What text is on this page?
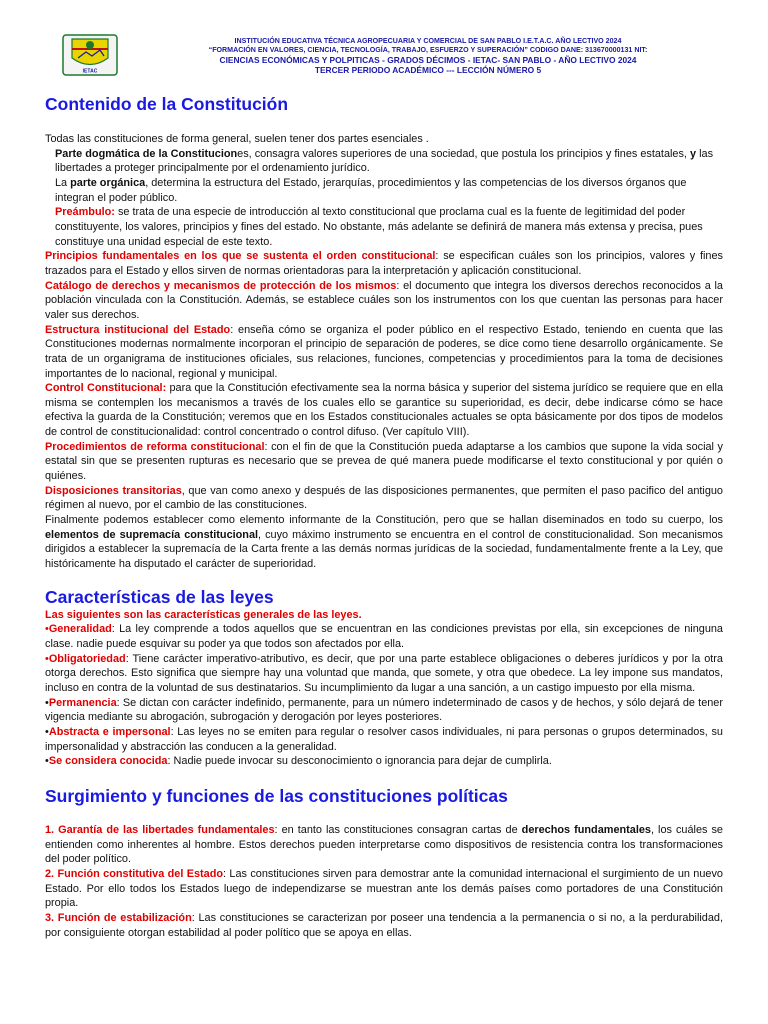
IETAC
INSTITUCIÓN EDUCATIVA TÉCNICA AGROPECUARIA Y COMERCIAL DE SAN PABLO I.E.T.A.C. AÑO LECTIVO 2024
“FORMACIÓN EN VALORES, CIENCIA, TECNOLOGÍA, TRABAJO, ESFUERZO Y SUPERACIÓN” CODIGO DANE: 313670000131 NIT:
CIENCIAS ECONÓMICAS Y POLPITICAS - GRADOS DÉCIMOS - IETAC- SAN PABLO - AÑO LECTIVO 2024
TERCER PERIODO ACADÉMICO --- LECCIÓN NÚMERO 5
Contenido de la Constitución

Todas las constituciones de forma general, suelen tener dos partes esenciales .

Parte dogmática de la Constituciones, consagra valores superiores de una sociedad, que postula los principios y fines estatales, y las libertades a proteger principalmente por el ordenamiento jurídico.

La parte orgánica, determina la estructura del Estado, jerarquías, procedimientos y las competencias de los diversos órganos que integran el poder público.

Preámbulo: se trata de una especie de introducción al texto constitucional que proclama cual es la fuente de legitimidad del poder constituyente, los valores, principios y fines del estado. No obstante, más adelante se definirá de manera más extensa y precisa, pues constituye una unidad especial de este texto.

Principios fundamentales en los que se sustenta el orden constitucional: se especifican cuáles son los principios, valores y fines trazados para el Estado y ellos sirven de normas orientadoras para la interpretación y aplicación constitucional.

Catálogo de derechos y mecanismos de protección de los mismos: el documento que integra los diversos derechos reconocidos a la población vinculada con la Constitución. Además, se establece cuáles son los instrumentos con los que cuentan las personas para hacer valer sus derechos.

Estructura institucional del Estado: enseña cómo se organiza el poder público en el respectivo Estado, teniendo en cuenta que las Constituciones modernas normalmente incorporan el principio de separación de poderes, se dice como tiene desarrollo orgánicamente. Se trata de un organigrama de instituciones oficiales, sus relaciones, funciones, competencias y procedimientos para la toma de decisiones importantes de lo nacional, regional y municipal.

Control Constitucional: para que la Constitución efectivamente sea la norma básica y superior del sistema jurídico se requiere que en ella misma se contemplen los mecanismos a través de los cuales ello se garantice su superioridad, es decir, debe indicarse cómo se hace efectiva la guarda de la Constitución; veremos que en los Estados constitucionales actuales se opta básicamente por dos tipos de modelos de control de constitucionalidad: control concentrado o control difuso. (Ver capítulo VIII).

Procedimientos de reforma constitucional: con el fin de que la Constitución pueda adaptarse a los cambios que supone la vida social y estatal sin que se presenten rupturas es necesario que se prevea de qué manera puede modificarse el texto constitucional y por quién o quiénes.

Disposiciones transitorias, que van como anexo y después de las disposiciones permanentes, que permiten el paso pacifico del antiguo régimen al nuevo, por el cambio de las constituciones.

Finalmente podemos establecer como elemento informante de la Constitución, pero que se hallan diseminados en todo su cuerpo, los elementos de supremacía constitucional, cuyo máximo instrumento se encuentra en el control de constitucionalidad. Son mecanismos dirigidos a establecer la supremacía de la Carta frente a las demás normas jurídicas de la sociedad, fundamentalmente frente a la Ley, que históricamente ha disputado el carácter de superioridad.

Características de las leyes

Las siguientes son las características generales de las leyes.

•Generalidad: La ley comprende a todos aquellos que se encuentran en las condiciones previstas por ella, sin excepciones de ninguna clase. nadie puede esquivar su poder ya que todos son afectados por ella.

•Obligatoriedad: Tiene carácter imperativo-atributivo, es decir, que por una parte establece obligaciones o deberes jurídicos y por la otra otorga derechos. Esto significa que siempre hay una voluntad que manda, que somete, y otra que obedece. La ley impone sus mandatos, incluso en contra de la voluntad de sus destinatarios. Su incumplimiento da lugar a una sanción, a un castigo impuesto por ella misma.

•Permanencia: Se dictan con carácter indefinido, permanente, para un número indeterminado de casos y de hechos, y sólo dejará de tener vigencia mediante su abrogación, subrogación y derogación por leyes posteriores.

•Abstracta e impersonal: Las leyes no se emiten para regular o resolver casos individuales, ni para personas o grupos determinados, su impersonalidad y abstracción las conducen a la generalidad.

•Se considera conocida: Nadie puede invocar su desconocimiento o ignorancia para dejar de cumplirla.

Surgimiento y funciones de las constituciones políticas

1. Garantía de las libertades fundamentales: en tanto las constituciones consagran cartas de derechos fundamentales, los cuáles se entienden como inherentes al hombre. Estos derechos pueden interpretarse como dispositivos de resistencia contra los transformaciones del poder político.

2. Función constitutiva del Estado: Las constituciones sirven para demostrar ante la comunidad internacional el surgimiento de un nuevo Estado. Por ello todos los Estados luego de independizarse se muestran ante los demás países como portadores de una Constitución propia.

3. Función de estabilización: Las constituciones se caracterizan por poseer una tendencia a la permanencia o si no, a la perdurabilidad, por consiguiente otorgan estabilidad al poder político que se apoya en ellas.
